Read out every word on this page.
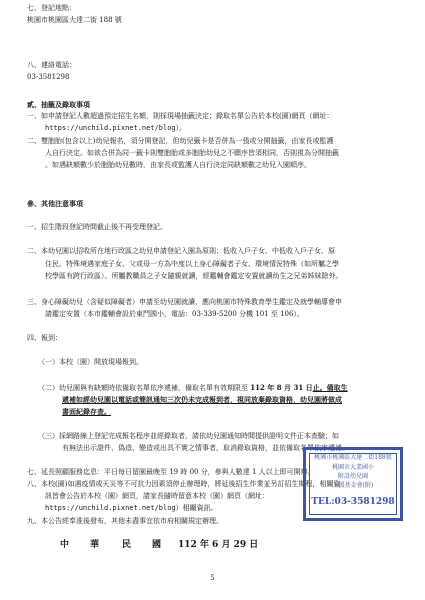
七、登記地點：
桃園市桃園區大達二街 188 號
八、連絡電話：
03-3581298
貳、抽籤及錄取事項
一、如申請登記人數超過預定招生名額，則採現場抽籤決定；錄取名單公告於本校(園)網頁（網址：
https://unchild.pixnet.net/blog）。
二、雙胞胎(包含以上)幼兒報名，須分開登記，但幼兒籤卡是否併為一張或分開抽籤，由家長或監護
人自行決定。如欲合併為同一籤卡則雙胞胎或多胞胎幼兒之不願序皆須相同，否則視為分開抽籤
。如遇缺額數少於胞胎幼兒數時，由家長或監護人自行決定同缺額數之幼兒入園順序。
參、其他注意事項
一、招生階段登記時間截止後不再受理登記。
二、本幼兒園以招收所在地行政區之幼兒申請登記入園為原則；低收入戶子女、中低收入戶子女、原
住民、特殊境遇家庭子女、父或母一方為中度以上身心障礙者子女、環境情況特殊（如所屬之學
校學區有跨行政區）、所屬教職員之子女隨親就讀，經鑑輔會鑑定安置就讀幼生之兄弟姊妹除外。
三、身心障礙幼兒（含疑似障礙者）申請至幼兒園就讀，應向桃園市特殊教育學生鑑定及就學輔導會申
請鑑定安置（本市鑑輔會設於東門國小，電話：03-339-5200 分機 101 至 106）。
四、報到：
（一）本校（園）開放現場報到。
（二）幼兒園與有缺額時依備取名單依序遞補，備取名單有效期限至 112 年 8 月 31 日止。備取生
遞補如經幼兒園以電話或簡訊通知三次仍未完成報到者，視同放棄錄取資格，幼兒園將做成
書面紀錄存查。
（三）採網路線上登記完成報名程序並經錄取者，請依幼兒園通知時間提供證明文件正本查驗；如
有無法出示證件、偽造、變造或出具不實之情事者，取消錄取資格，並依備取名單依序遞補。
七、延長照顧服務迄息：平日每日留園最晚至 19 時 00 分，參與人數達 1 人以上即可開辦。
八、本校(園)如遇疫情或天災等不可抗力因素須停止辦理時，將延後招生作業並另訂招生期程，相關資
訊皆會公告於本校（園）網頁，請家長隨時留意本校（園）網頁（網址：
https://unchild.pixnet.net/blog）相關資訊。
九、本公告經奉准後發布，其他未盡事宜依市府相關規定辦理。
中 華	民 國 112 年 6 月 29 日
桃園市桃園區大達二街188號
桃園市大業國小
附設幼兒園
支援基金會(附)
TEL:03-3581298
5
